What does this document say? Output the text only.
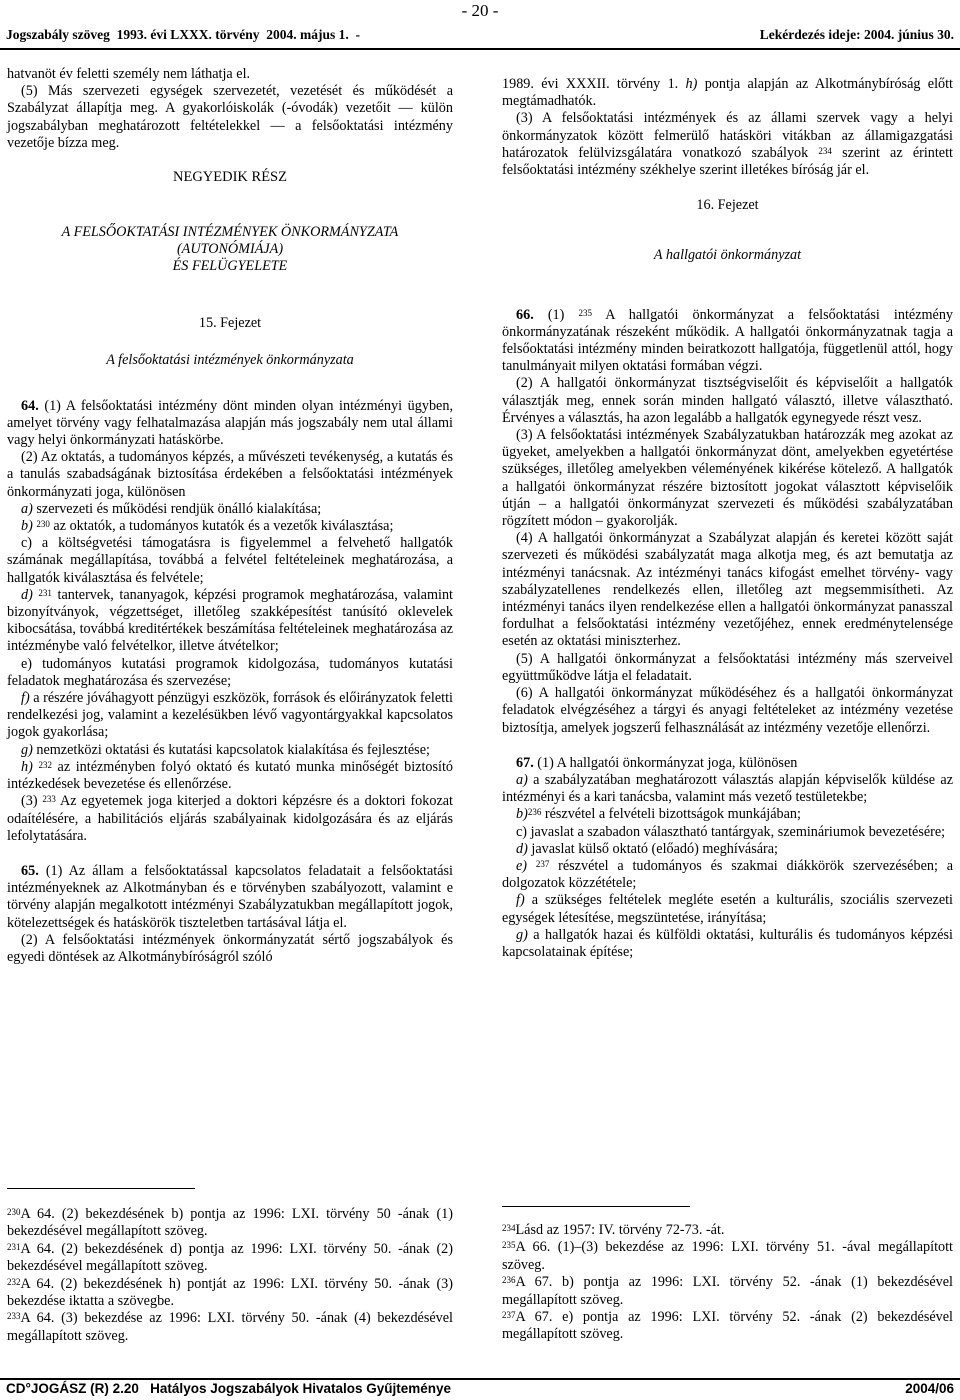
- 20 -
Jogszabály szöveg  1993. évi LXXX. törvény  2004. május 1.  -	Lekérdezés ideje: 2004. június 30.

hatvanöt év feletti személy nem láthatja el.

(5) Más szervezeti egységek szervezetét, vezetését és működését a Szabályzat állapítja meg. A gyakorlóiskolák (-óvodák) vezetőit — külön jogszabályban meghatározott feltételekkel — a felsőoktatási intézmény vezetője bízza meg.

NEGYEDIK RÉSZ

A FELSŐOKTATÁSI INTÉZMÉNYEK ÖNKORMÁNYZATA

(AUTONÓMIÁJA)

ÉS FELÜGYELETE

15. Fejezet

A felsőoktatási intézmények önkormányzata

64. (1) A felsőoktatási intézmény dönt minden olyan intézményi ügyben, amelyet törvény vagy felhatalmazása alapján más jogszabály nem utal állami vagy helyi önkormányzati hatáskörbe.

(2) Az oktatás, a tudományos képzés, a művészeti tevékenység, a kutatás és a tanulás szabadságának biztosítása érdekében a felsőoktatási intézmények önkormányzati joga, különösen

a) szervezeti és működési rendjük önálló kialakítása;

b) $^{230}$ az oktatók, a tudományos kutatók és a vezetők kiválasztása;

c) a költségvetési támogatásra is figyelemmel a felvehető hallgatók számának megállapítása, továbbá a felvétel feltételeinek meghatározása, a hallgatók kiválasztása és felvétele;

d) $^{231}$ tantervek, tananyagok, képzési programok meghatározása, valamint bizonyítványok, végzettséget, illetőleg szakképesítést tanúsító oklevelek kibocsátása, továbbá kreditértékek beszámítása feltételeinek meghatározása az intézménybe való felvételkor, illetve átvételkor;

e) tudományos kutatási programok kidolgozása, tudományos kutatási feladatok meghatározása és szervezése;

f) a részére jóváhagyott pénzügyi eszközök, források és előirányzatok feletti rendelkezési jog, valamint a kezelésükben lévő vagyontárgyakkal kapcsolatos jogok gyakorlása;

g) nemzetközi oktatási és kutatási kapcsolatok kialakítása és fejlesztése;

h) $^{232}$ az intézményben folyó oktató és kutató munka minőségét biztosító intézkedések bevezetése és ellenőrzése.

(3) $^{233}$ Az egyetemek joga kiterjed a doktori képzésre és a doktori fokozat odaítélésére, a habilitációs eljárás szabályainak kidolgozására és az eljárás lefolytatására.

65. (1) Az állam a felsőoktatással kapcsolatos feladatait a felsőoktatási intézményeknek az Alkotmányban és e törvényben szabályozott, valamint e törvény alapján megalkotott intézményi Szabályzatukban megállapított jogok, kötelezettségek és hatáskörök tiszteletben tartásával látja el.

(2) A felsőoktatási intézmények önkormányzatát sértő jogszabályok és egyedi döntések az Alkotmánybíróságról szóló

$^{230}$A 64. (2) bekezdésének b) pontja az 1996: LXI. törvény 50 -ának (1) bekezdésével megállapított szöveg.

$^{231}$A 64. (2) bekezdésének d) pontja az 1996: LXI. törvény 50. -ának (2) bekezdésével megállapított szöveg.

$^{232}$A 64. (2) bekezdésének h) pontját az 1996: LXI. törvény 50. -ának (3) bekezdése iktatta a szövegbe.

$^{233}$A 64. (3) bekezdése az 1996: LXI. törvény 50. -ának (4) bekezdésével megállapított szöveg.

1989. évi XXXII. törvény 1. h) pontja alapján az Alkotmánybíróság előtt megtámadhatók.

(3) A felsőoktatási intézmények és az állami szervek vagy a helyi önkormányzatok között felmerülő hatásköri vitákban az államigazgatási határozatok felülvizsgálatára vonatkozó szabályok $^{234}$ szerint az érintett felsőoktatási intézmény székhelye szerint illetékes bíróság jár el.

16. Fejezet

A hallgatói önkormányzat

66. (1) $^{235}$ A hallgatói önkormányzat a felsőoktatási intézmény önkormányzatának részeként működik. A hallgatói önkormányzatnak tagja a felsőoktatási intézmény minden beiratkozott hallgatója, függetlenül attól, hogy tanulmányait milyen oktatási formában végzi.

(2) A hallgatói önkormányzat tisztségviselőit és képviselőit a hallgatók választják meg, ennek során minden hallgató választó, illetve választható. Érvényes a választás, ha azon legalább a hallgatók egynegyede részt vesz.

(3) A felsőoktatási intézmények Szabályzatukban határozzák meg azokat az ügyeket, amelyekben a hallgatói önkormányzat dönt, amelyekben egyetértése szükséges, illetőleg amelyekben véleményének kikérése kötelező. A hallgatók a hallgatói önkormányzat részére biztosított jogokat választott képviselőik útján – a hallgatói önkormányzat szervezeti és működési szabályzatában rögzített módon – gyakorolják.

(4) A hallgatói önkormányzat a Szabályzat alapján és keretei között saját szervezeti és működési szabályzatát maga alkotja meg, és azt bemutatja az intézményi tanácsnak. Az intézményi tanács kifogást emelhet törvény- vagy szabályzatellenes rendelkezés ellen, illetőleg azt megsemmisítheti. Az intézményi tanács ilyen rendelkezése ellen a hallgatói önkormányzat panasszal fordulhat a felsőoktatási intézmény vezetőjéhez, ennek eredménytelensége esetén az oktatási miniszterhez.

(5) A hallgatói önkormányzat a felsőoktatási intézmény más szerveivel együttműködve látja el feladatait.

(6) A hallgatói önkormányzat működéséhez és a hallgatói önkormányzat feladatok elvégzéséhez a tárgyi és anyagi feltételeket az intézmény vezetése biztosítja, amelyek jogszerű felhasználását az intézmény vezetője ellenőrzi.

67. (1) A hallgatói önkormányzat joga, különösen

a) a szabályzatában meghatározott választás alapján képviselők küldése az intézményi és a kari tanácsba, valamint más vezető testületekbe;

b)$^{236}$ részvétel a felvételi bizottságok munkájában;

c) javaslat a szabadon választható tantárgyak, szemináriumok bevezetésére;

d) javaslat külső oktató (előadó) meghívására;

e) $^{237}$ részvétel a tudományos és szakmai diákkörök szervezésében; a dolgozatok közzététele;

f) a szükséges feltételek megléte esetén a kulturális, szociális szervezeti egységek létesítése, megszüntetése, irányítása;

g) a hallgatók hazai és külföldi oktatási, kulturális és tudományos képzési kapcsolatainak építése;

$^{234}$Lásd az 1957: IV. törvény 72-73. -át.

$^{235}$A 66. (1)–(3) bekezdése az 1996: LXI. törvény 51. -ával megállapított szöveg.

$^{236}$A 67. b) pontja az 1996: LXI. törvény 52. -ának (1) bekezdésével megállapított szöveg.

$^{237}$A 67. e) pontja az 1996: LXI. törvény 52. -ának (2) bekezdésével megállapított szöveg.

CD°JOGÁSZ (R) 2.20   Hatályos Jogszabályok Hivatalos Gyűjteménye	2004/06
